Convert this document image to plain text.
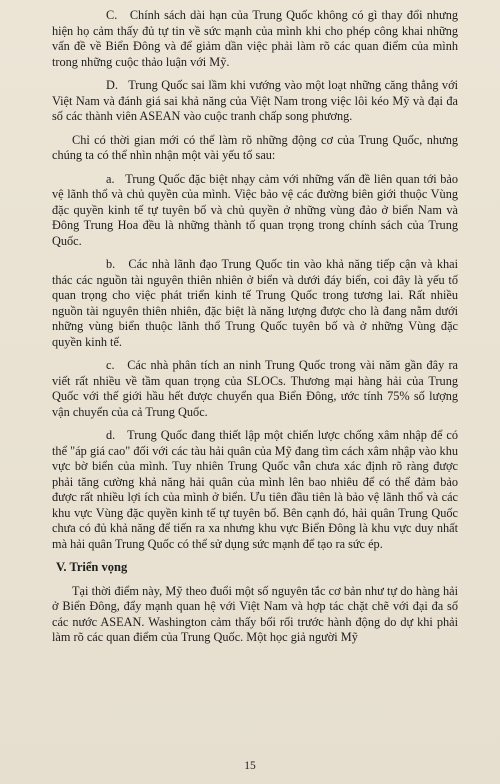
C.   Chính sách dài hạn của Trung Quốc không có gì thay đổi nhưng hiện họ cảm thấy đủ tự tin về sức mạnh của mình khi cho phép công khai những vấn đề về Biển Đông và để giảm dần việc phải làm rõ các quan điểm của mình trong những cuộc thảo luận với Mỹ.

D.   Trung Quốc sai lầm khi vướng vào một loạt những căng thẳng với Việt Nam và đánh giá sai khả năng của Việt Nam trong việc lôi kéo Mỹ và đại đa số các thành viên ASEAN vào cuộc tranh chấp song phương.

Chỉ có thời gian mới có thể làm rõ những động cơ của Trung Quốc, nhưng chúng ta có thể nhìn nhận một vài yếu tố sau:

a.   Trung Quốc đặc biệt nhạy cảm với những vấn đề liên quan tới bảo vệ lãnh thổ và chủ quyền của mình. Việc bảo vệ các đường biên giới thuộc Vùng đặc quyền kinh tế tự tuyên bố và chủ quyền ở những vùng đảo ở biển Nam và Đông Trung Hoa đều là những thành tố quan trọng trong chính sách của Trung Quốc.

b.   Các nhà lãnh đạo Trung Quốc tin vào khả năng tiếp cận và khai thác các nguồn tài nguyên thiên nhiên ở biển và dưới đáy biển, coi đây là yếu tố quan trọng cho việc phát triển kinh tế Trung Quốc trong tương lai. Rất nhiều nguồn tài nguyên thiên nhiên, đặc biệt là năng lượng được cho là đang nằm dưới những vùng biển thuộc lãnh thổ Trung Quốc tuyên bố và ở những Vùng đặc quyền kinh tế.

c.   Các nhà phân tích an ninh Trung Quốc trong vài năm gần đây ra viết rất nhiều về tầm quan trọng của SLOCs. Thương mại hàng hải của Trung Quốc với thế giới hầu hết được chuyển qua Biển Đông, ước tính 75% số lượng vận chuyển của cả Trung Quốc.

d.   Trung Quốc đang thiết lập một chiến lược chống xâm nhập để có thể "áp giá cao" đối với các tàu hải quân của Mỹ đang tìm cách xâm nhập vào khu vực bờ biển của mình. Tuy nhiên Trung Quốc vẫn chưa xác định rõ ràng được phải tăng cường khả năng hải quân của mình lên bao nhiêu để có thể đảm bảo được rất nhiều lợi ích của mình ở biển. Ưu tiên đầu tiên là bảo vệ lãnh thổ và các khu vực Vùng đặc quyền kinh tế tự tuyên bố. Bên cạnh đó, hải quân Trung Quốc chưa có đủ khả năng để tiến ra xa nhưng khu vực Biển Đông là khu vực duy nhất mà hải quân Trung Quốc có thể sử dụng sức mạnh để tạo ra sức ép.

V. Triển vọng

Tại thời điểm này, Mỹ theo đuổi một số nguyên tắc cơ bản như tự do hàng hải ở Biển Đông, đẩy mạnh quan hệ với Việt Nam và hợp tác chặt chẽ với đại đa số các nước ASEAN. Washington cảm thấy bối rối trước hành động do dự khi phải làm rõ các quan điểm của Trung Quốc. Một học giả người Mỹ

15
